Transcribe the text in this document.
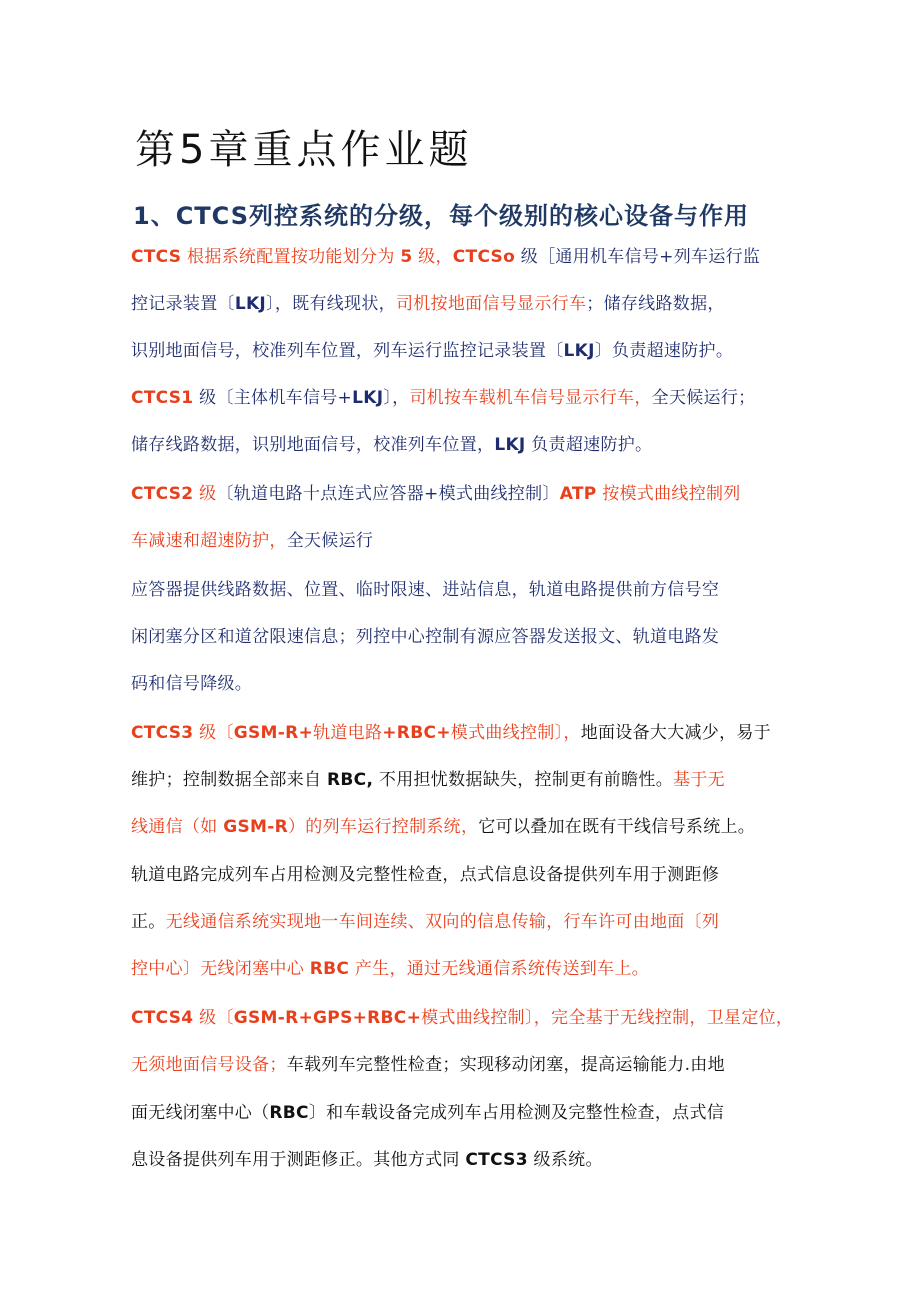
第5章重点作业题
1、CTCS列控系统的分级，每个级别的核心设备与作用
CTCS 根据系统配置按功能划分为 5 级，CTCSo 级［通用机车信号+列车运行监
控记录装置〔LKJ〕，既有线现状，司机按地面信号显示行车；储存线路数据，
识别地面信号，校准列车位置，列车运行监控记录装置〔LKJ〕负责超速防护。
CTCS1 级〔主体机车信号+LKJ〕，司机按车载机车信号显示行车，全天候运行；
储存线路数据，识别地面信号，校准列车位置，LKJ 负责超速防护。
CTCS2 级〔轨道电路十点连式应答器+模式曲线控制〕ATP 按模式曲线控制列
车减速和超速防护，全天候运行
应答器提供线路数据、位置、临时限速、进站信息，轨道电路提供前方信号空
闲闭塞分区和道岔限速信息；列控中心控制有源应答器发送报文、轨道电路发
码和信号降级。
CTCS3 级〔GSM-R+轨道电路+RBC+模式曲线控制〕，地面设备大大减少，易于
维护；控制数据全部来自 RBC, 不用担忧数据缺失，控制更有前瞻性。基于无
线通信（如 GSM-R）的列车运行控制系统，它可以叠加在既有干线信号系统上。
轨道电路完成列车占用检测及完整性检查，点式信息设备提供列车用于测距修
正。无线通信系统实现地一车间连续、双向的信息传输，行车许可由地面〔列
控中心〕无线闭塞中心 RBC 产生，通过无线通信系统传送到车上。
CTCS4 级〔GSM-R+GPS+RBC+模式曲线控制〕，完全基于无线控制，卫星定位，
无须地面信号设备；车载列车完整性检查；实现移动闭塞，提高运输能力.由地
面无线闭塞中心（RBC〕和车载设备完成列车占用检测及完整性检查，点式信
息设备提供列车用于测距修正。其他方式同 CTCS3 级系统。
